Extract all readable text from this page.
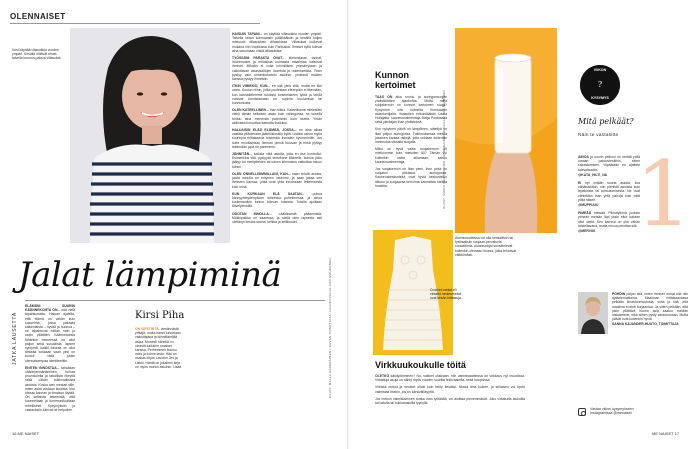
OLENNAISET
Kirsi käyttää villasukkia vuoden ympäri. Kesällä riittävät ohuet, talvella kunnon paksut villasukat.
Jalat lämpiminä
JATKA LAUSETTA

ELÄMÄNI SUURIN KÄÄNNEKOHTA ON... eltä vielä tapahtumatta. Haluan ajatella, että elämä on vähän kuin kokoelma, jossa pakasta kaikenlaista – hyvää ja huonoa – ne tapahtuvat milloin vain ja usein yllättäen. Käännekohtia tähänkin mennessä on ollut paljon sekä sukulaisia, lapsen syntymä, kaikki toiselta on ollut tärkeää koskaan vaan yksi on tuonut vielä jotain olennaisempaa identiteettiin.

ENITEN INNOSTAA... tahallaan väärinymmärtäminen, turhaa provosointia ja tahallista ilkeyttä sekä vähän tulkinnallisista asioista. Koska olen mestari sille, miten asiat voidaan ilmaista, kun oikean kannan ja ilmaisun löytää. On sellaista tekemistä, että kuunnellaan ja kommunikoidaan rehellisesti. Kysymyksiin ja vastauksiin tulevat ne helpoiten.

Kirsi Piha
ON VIESTINTÄ- viestinnästä yrittäjä, mutta hänet tunnetaan vaikuttajana ja kiinnittämällä asiaa. Monesti hänellä on nimistä kaikkien omaiset kanssa. Perheeseen kuuluu mies ja kolme lasta. Hän on osakas kirjan Lavoton Jes ja Liekki. Häntä on jokainen kirja on myös moniin asioihin. Lisää

HAISUIN TAPANI... on käyttää villasukkia vuoden ympäri. Talvella laitan kolmaamiin pätkikkäisiin ja kesällä kuljen mieluusti villasukkien villasukissa. Villasukat kulkevat mukana niin tropiikissa kuin Pariisissa. Ihmiset kyllä tulevat aina sanomaan niistä villasukista.

TYÖSSÄNI PARASTA OVAT... kiinnostavat, tarinat, intohimoiset ja erilaisista kulmasta maailmaa katsovat ihmiset. Mikään ei voita inhimillisen ymmärryksen ja vaikuttavan asiasisältöjen luomista ja rakentamista. Yksin pystyy vain onnenkokoisiin asioihin, yhdessä muiden kanssa pystyy ihmeisiin.

ITKIN VIIMEKSI, KUN... en sitä yleis sillä, mutta en itke usein. Kuulun niihin, jotka puolestani eteenpäin ei itkemään, kun kannattelemme tuloksia tuntemiskeen työtä ja tehdä voisivat tunnistamaan ne sopivia kuulumisia tai kunnioitusta.

OLEN KATEELLINEN... ihan tilkka. Kateellisena mielestäni viekö tämän sellaisen asian kuin vahingossa, se toisella tuntuu aina menevän paremmin kuin itsellä. Yritän aktiivisesti muuttaa kateutta ihailuksi.

HALUAISIN ELÄÄ ELÄMÄÄ, JOSSA... on aina aikaa vastata ylläolevaan jäätelökioskiin kyllä. Lisäksi uskon myös suurinpia mittakaavia toistenkin ihmisten hyvinvointiin. Jos tulee muuttamaan hieman pieniä kuluvan ja ehkä pystyy tekemään jopa ne paremmin.

JÄNNITÄN... kaikkia niitä asioita, joita en itse kontrolloi. Esimerkiksi sitä, pystyykö lentokone liikkeelle, kuinka jokin jäätyy tai mielipiteiden tai toisen kiinnostus vaikuttaa minun töihini.

OLEN ONNELLISIMMILLANI, KUN... saan tehdä asioita, joista minulla on erityinen intohimo, ja saan jakaa sen ihmisten kanssa, jotka ovat yhtä innoissaan tekemisestä kuin minä.

KUN KURKAAN ELÄ SAATAN... puhua kännyyhteydenpitoon tulleessa puhelimessa, ja ainoa kuulemanikin tuntuu tulevan toisesta. Toisilla ajoillaan kävelylenkillä.

ODOTAN INNOLLA... Lääkiksestä pääsemistä. Mökkipaikka on saaressa, ja siellä olen lapsesta asti viettänyt kesäni sauna, kelkka ja selliluudet.

KUVAT: MALLA KÄRKKÄINEN / KUVAN TOIMITTAJA: VALOKUVAAJA JANI MAHKONEN
16 ME NAISET
KUVAT: MIKKO RAATIKAINEN / KOKONAINEN KUVAAJA: IIDA NIEMINEN
Kunnon
kertoimet

TAAS ON aika ruoria- ja auringonsuojan yhdistämisen ajankohta. Mutta mikä suojakerroin on kunnon kertoimen suoja? Kysymme sitä kolmelta ihonhoidon asiantuntijalta, ihotautien erikoislääkäri Laura Huilajalta, kauneusvalmentaja Maija Poutaselta sekä ylentajan Ihan yhdistelmä.

Kun nykyinen päivä on lämpöinen, säteilyä on liian paljon auringossa. Tutkimuksessa meistä jokainen kantaa riskejä, joita voidaan kuitenkin minimoida oikealla suojalla.

Miksi on hyvä valita suojakerroin 30 mieluummin kuin mieluiten 50? Tämän voi kuitenkin valita alkamaan, sanoo kauneusvalmentaja.

Jos suojakerroin on liian pieni, ihon pinta on suojaton pitkässä auringossa. Kauneuskeskustelut ovat hyviä keskustelun alkuun ja suojaavaa kerrointa kannattaa harkita huolella.

Aurinkovoiteissa voi olla kemiallisiin tai fysikaalisiin suojaan perustuvia suodattimia. Asiantuntijat suosittelevat kuitenkin olemaan ihossa, jotka tehoavat välittömästi.
Crochet-mekot eli virkatut neuleomekot ovat kesän hittiasuja.
Virkkuukoukulle töitä

OLETKO käsityöihminen? No, vaikket olisikaan, niin valmisvaatteissa on virkkaus nyt muodissa. Virkattuja asuja on nähty myös vuoden suurilla festivaaleilla, sekä kaupoissa.

Virkatut mekot ja neuleet olivat kuin tehty kesäksi. Niissä ilma kulkee, ja sellaisen voi hyvin valmistaa itsekin, jos on kärsivällisyyttä.

Jos mekon valmistaminen tuntuu liian työläältä, voi aloittaa pienemmästä. Joko virkatuilla laukuilla tai hatulla tai kukkamaisilla tyynyllä.

?
VIIKON
KYSYMYS
Mitä pelkäät?
Näin te vastasitte
1

AINOA ja suurin pelkoni on herätä yöllä omaan pakkoviestiihin, sitten sairastamisen. Ylipäätään en ajattele tulevaisuutta.

@KATA_HILTI_NA

EI nyt mitään suuria asioita, iloa vähäisistäkin, niin pienistä asioista kuin lepakoista tai tuhoutumisesta. Ne ovat vähintään ihan yhtä pahoja kuin mitä yöllä näkee.

@MUPPUUU

PIMEÄÄ metsää. Pikkutyttönä juoksin pimeän metsän läpi yksin eikä kukaan ollut siellä. Sen kanssa on yhä vähän taisteltavana, mutta minua pelottaa silti.

@MERVIIII

POHDIN paljon sitä, miten ihmiset voivat olla niin ajattelemattomia. Maailman mittakaavassa pelkään ilmastonmuutosta, sotia ja sitä, että maailma ei ehdi korjaantua. Ja sitten pelkään, että jokin yllättävä huono asia kaatuu meidän niskaamme, eikä siihen pysty varautumaan. Mutta päivät ovat kuitenkin hyviä.

SANNA KAJANDER-HUUTO, TOIMITTAJA

Vastaa viikon kysymykseen
Instagramissa @menaiset
ME NAISET 17
